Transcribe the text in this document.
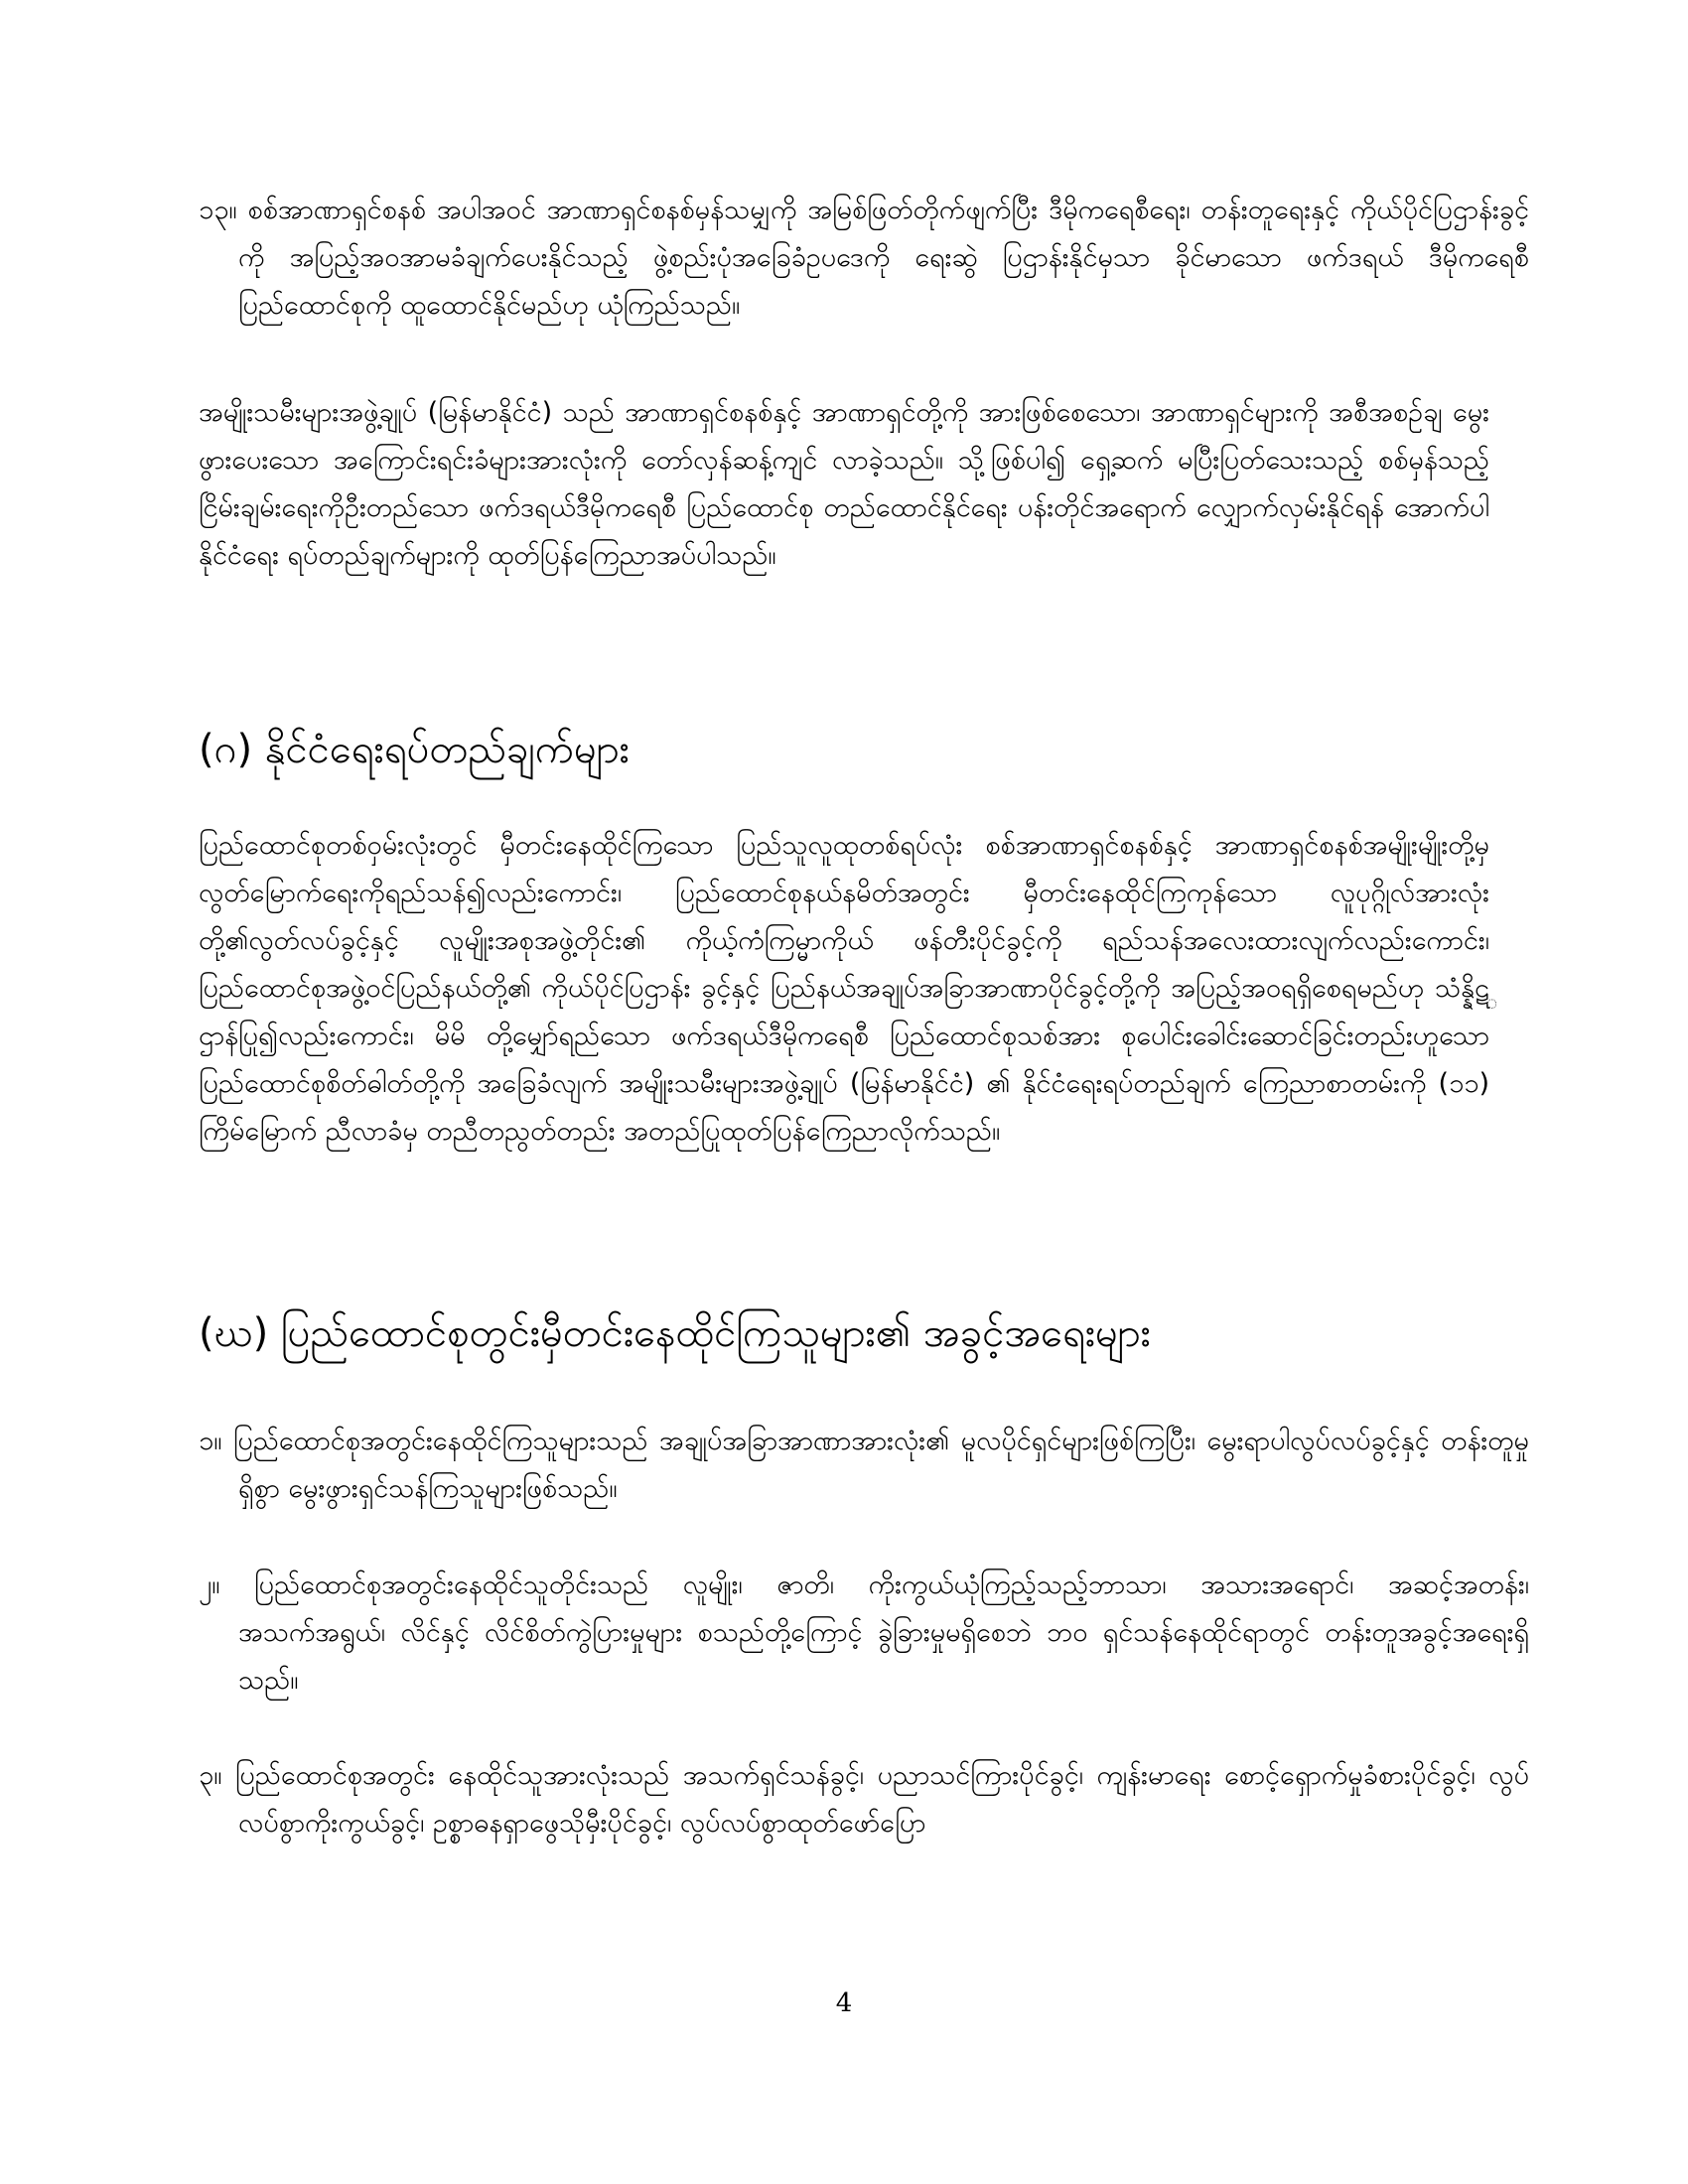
၁၃။ စစ်အာဏာရှင်စနစ် အပါအဝင် အာဏာရှင်စနစ်မှန်သမျှကို အမြစ်ဖြတ်တိုက်ဖျက်ပြီး ဒီမိုကရေစီရေး၊ တန်းတူရေးနှင့် ကိုယ်ပိုင်ပြဌာန်းခွင့်ကို အပြည့်အဝအာမခံချက်ပေးနိုင်သည့် ဖွဲ့စည်းပုံအခြေခံဥပဒေကို ရေးဆွဲ ပြဌာန်းနိုင်မှသာ ခိုင်မာသော ဖက်ဒရယ် ဒီမိုကရေစီ ပြည်ထောင်စုကို ထူထောင်နိုင်မည်ဟု ယုံကြည်သည်။

အမျိုးသမီးများအဖွဲ့ချုပ် (မြန်မာနိုင်ငံ) သည် အာဏာရှင်စနစ်နှင့် အာဏာရှင်တို့ကို အားဖြစ်စေသော၊ အာဏာရှင်များကို အစီအစဥ်ချ မွေးဖွားပေးသော အကြောင်းရင်းခံများအားလုံးကို တော်လှန်ဆန့်ကျင် လာခဲ့သည်။ သို့ဖြစ်ပါ၍ ရှေ့ဆက် မပြီးပြတ်သေးသည့် စစ်မှန်သည့်ငြိမ်းချမ်းရေးကိုဦးတည်သော ဖက်ဒရယ်ဒီမိုကရေစီ ပြည်ထောင်စု တည်ထောင်နိုင်ရေး ပန်းတိုင်အရောက် လျှောက်လှမ်းနိုင်ရန် အောက်ပါ နိုင်ငံရေး ရပ်တည်ချက်များကို ထုတ်ပြန်ကြေညာအပ်ပါသည်။

(ဂ) နိုင်ငံရေးရပ်တည်ချက်များ

ပြည်ထောင်စုတစ်ဝှမ်းလုံးတွင် မှီတင်းနေထိုင်ကြသော ပြည်သူလူထုတစ်ရပ်လုံး စစ်အာဏာရှင်စနစ်နှင့် အာဏာရှင်စနစ်အမျိုးမျိုးတို့မှ လွတ်မြောက်ရေးကိုရည်သန်၍လည်းကောင်း၊ ပြည်ထောင်စုနယ်နမိတ်အတွင်း မှီတင်းနေထိုင်ကြကုန်သော လူပုဂ္ဂိုလ်အားလုံးတို့၏လွတ်လပ်ခွင့်နှင့် လူမျိုးအစုအဖွဲ့တိုင်း၏ ကိုယ့်ကံကြမ္မာကိုယ် ဖန်တီးပိုင်ခွင့်ကို ရည်သန်အလေးထားလျက်လည်းကောင်း၊ ပြည်ထောင်စုအဖွဲ့ဝင်ပြည်နယ်တို့၏ ကိုယ်ပိုင်ပြဌာန်း ခွင့်နှင့် ပြည်နယ်အချုပ်အခြာအာဏာပိုင်ခွင့်တို့ကို အပြည့်အဝရရှိစေရမည်ဟု သံန္နိဋ္ဌာန်ပြု၍လည်းကောင်း၊ မိမိ တို့မျှော်ရည်သော ဖက်ဒရယ်ဒီမိုကရေစီ ပြည်ထောင်စုသစ်အား စုပေါင်းခေါင်းဆောင်ခြင်းတည်းဟူသော ပြည်ထောင်စုစိတ်ဓါတ်တို့ကို အခြေခံလျက် အမျိုးသမီးများအဖွဲ့ချုပ် (မြန်မာနိုင်ငံ) ၏ နိုင်ငံရေးရပ်တည်ချက် ကြေညာစာတမ်းကို (၁၁) ကြိမ်မြောက် ညီလာခံမှ တညီတညွတ်တည်း အတည်ပြုထုတ်ပြန်ကြေညာလိုက်သည်။

(ဃ) ပြည်ထောင်စုတွင်းမှီတင်းနေထိုင်ကြသူများ၏ အခွင့်အရေးများ

၁။ ပြည်ထောင်စုအတွင်းနေထိုင်ကြသူများသည် အချုပ်အခြာအာဏာအားလုံး၏ မူလပိုင်ရှင်များဖြစ်ကြပြီး၊ မွေးရာပါလွပ်လပ်ခွင့်နှင့် တန်းတူမှုရှိစွာ မွေးဖွားရှင်သန်ကြသူများဖြစ်သည်။

၂။ ပြည်ထောင်စုအတွင်းနေထိုင်သူတိုင်းသည် လူမျိုး၊ ဇာတိ၊ ကိုးကွယ်ယုံကြည့်သည့်ဘာသာ၊ အသားအရောင်၊ အဆင့်အတန်း၊ အသက်အရွယ်၊ လိင်နှင့် လိင်စိတ်ကွဲပြားမှုများ စသည်တို့ကြောင့် ခွဲခြားမှုမရှိစေဘဲ ဘဝ ရှင်သန်နေထိုင်ရာတွင် တန်းတူအခွင့်အရေးရှိသည်။

၃။ ပြည်ထောင်စုအတွင်း နေထိုင်သူအားလုံးသည် အသက်ရှင်သန်ခွင့်၊ ပညာသင်ကြားပိုင်ခွင့်၊ ကျန်းမာရေး စောင့်ရှောက်မှုခံစားပိုင်ခွင့်၊ လွပ်လပ်စွာကိုးကွယ်ခွင့်၊ ဥစ္စာဓနရှာဖွေသိုမှီးပိုင်ခွင့်၊ လွပ်လပ်စွာထုတ်ဖော်ပြော

4
